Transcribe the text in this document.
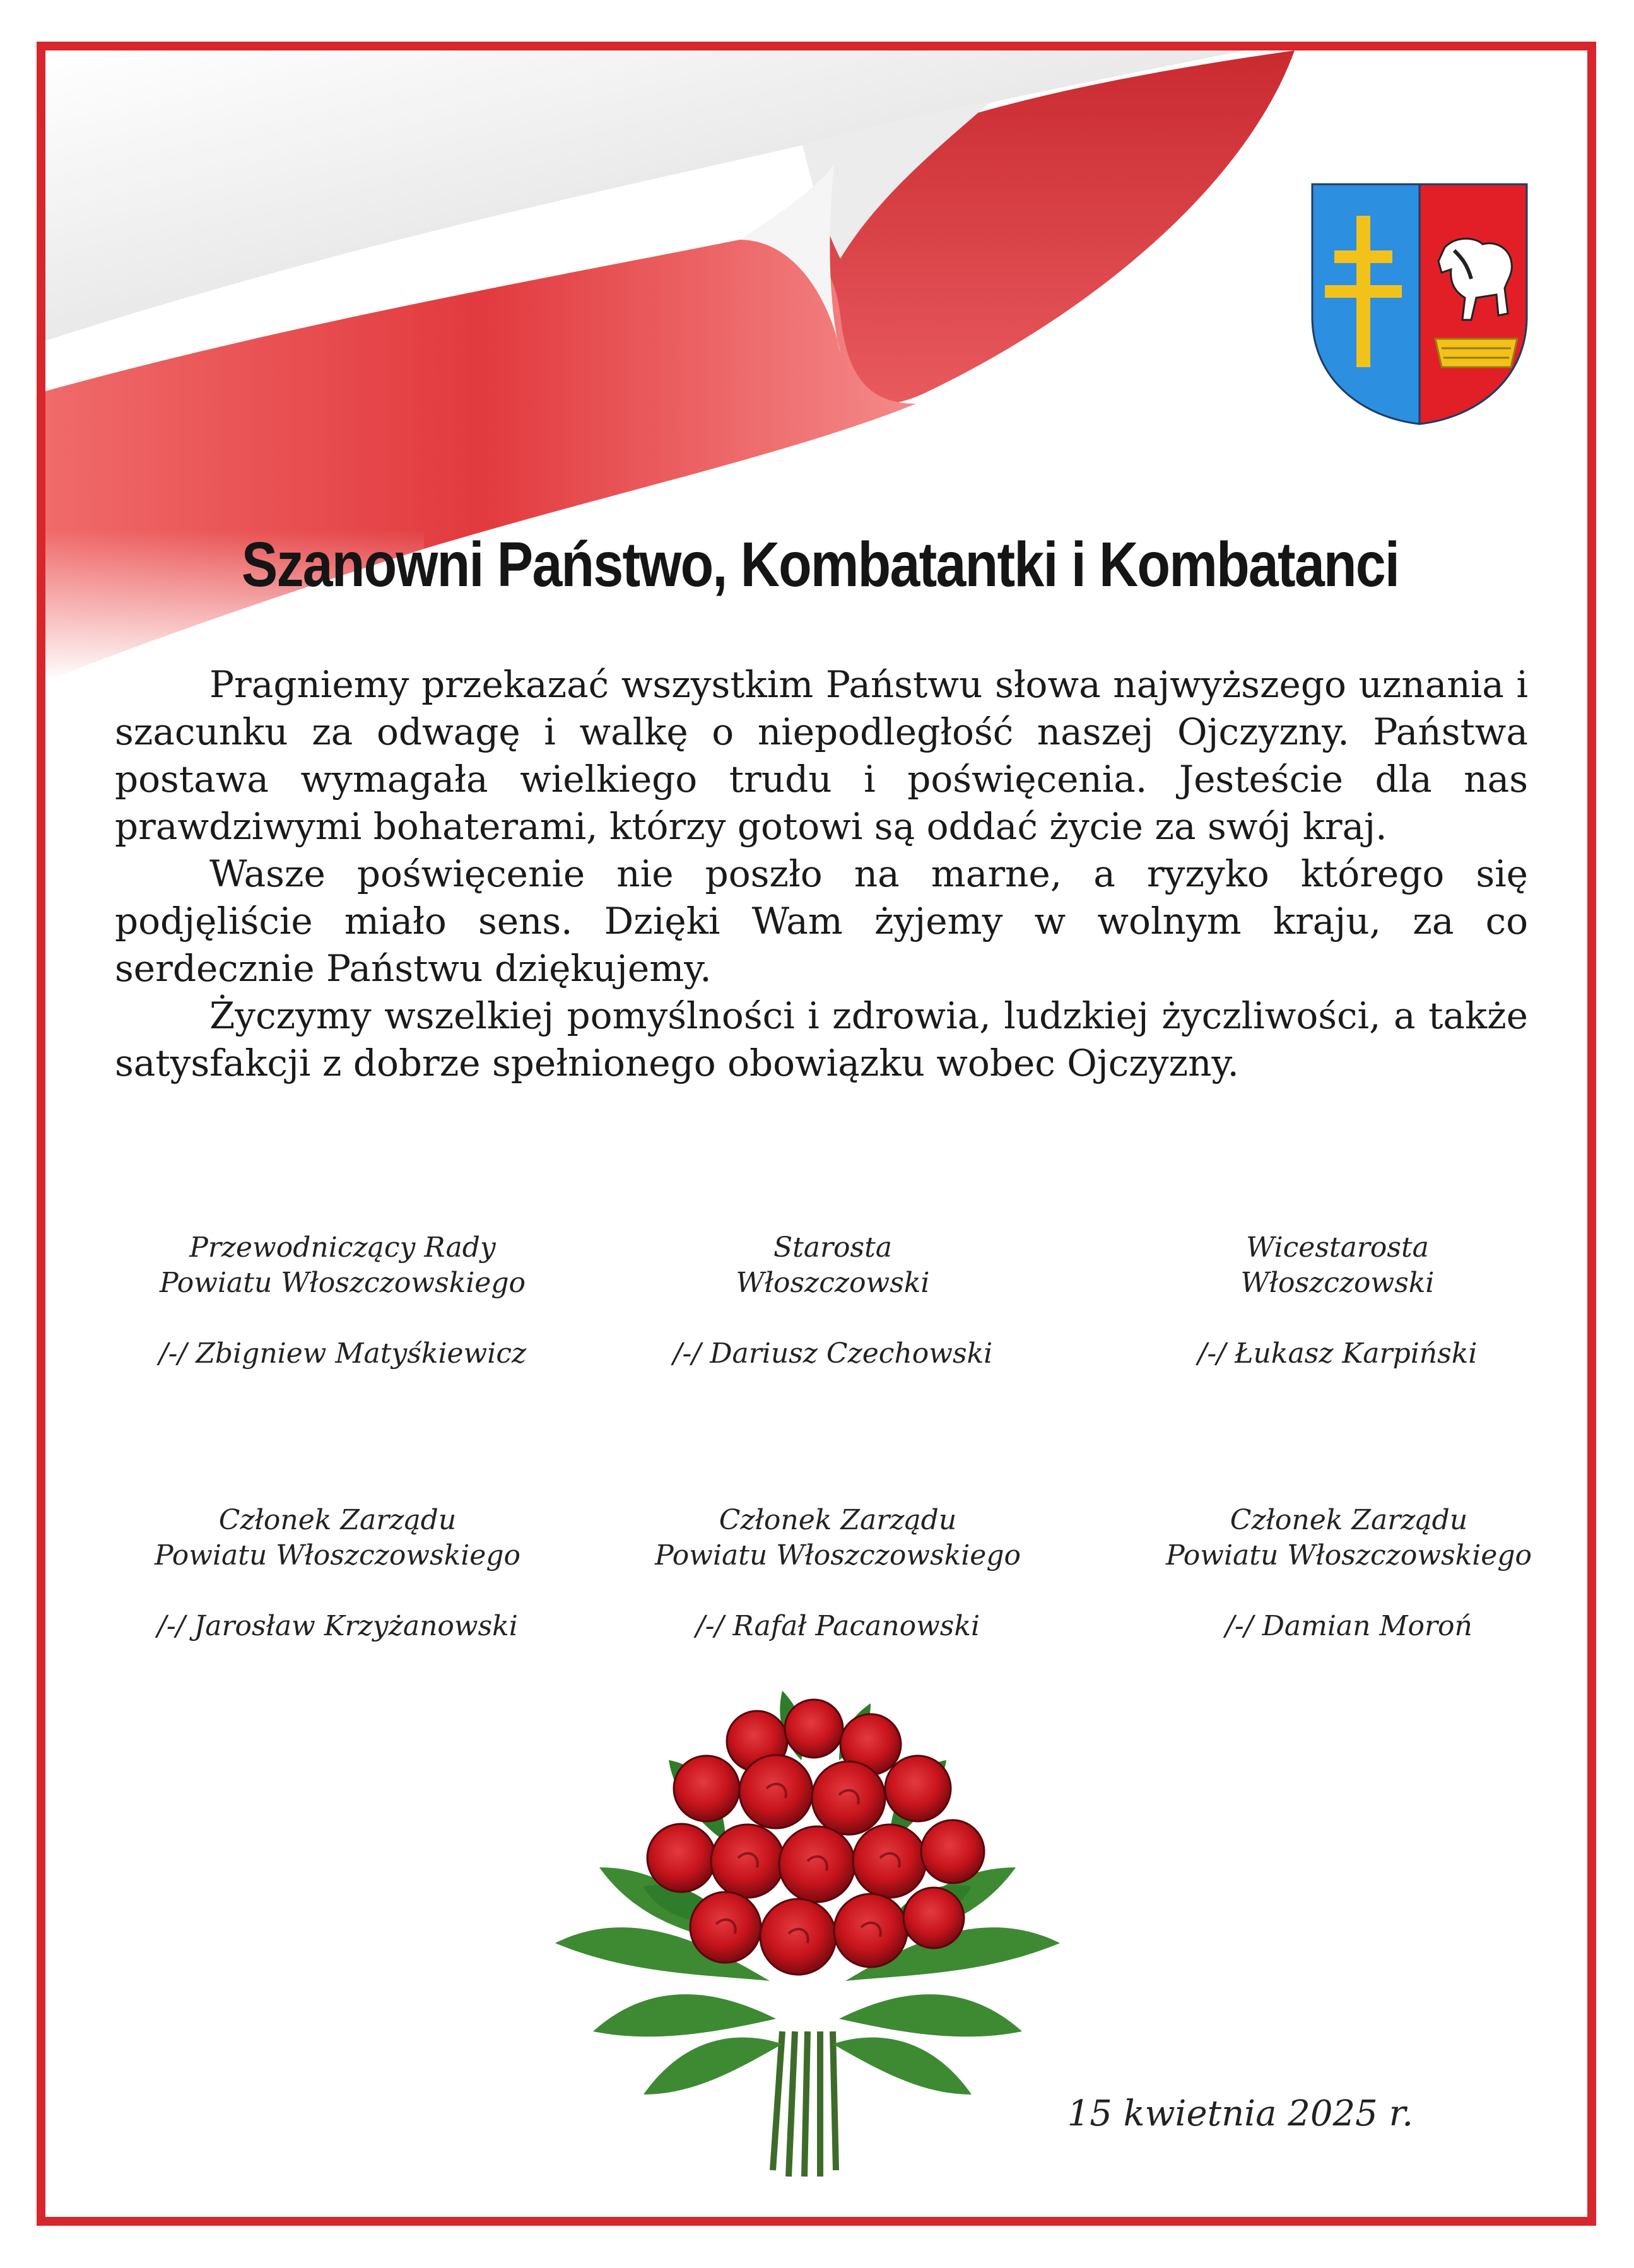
Szanowni Państwo, Kombatantki i Kombatanci

Pragniemy przekazać wszystkim Państwu słowa najwyższego uznania i szacunku za odwagę i walkę o niepodległość naszej Ojczyzny. Państwa postawa wymagała wielkiego trudu i poświęcenia. Jesteście dla nas prawdziwymi bohaterami, którzy gotowi są oddać życie za swój kraj.

Wasze poświęcenie nie poszło na marne, a ryzyko którego się podjęliście miało sens. Dzięki Wam żyjemy w wolnym kraju, za co serdecznie Państwu dziękujemy.

Życzymy wszelkiej pomyślności i zdrowia, ludzkiej życzliwości, a także satysfakcji z dobrze spełnionego obowiązku wobec Ojczyzny.

Przewodniczący Rady
Powiatu Włoszczowskiego
/-/ Zbigniew Matyśkiewicz
Starosta
Włoszczowski
/-/ Dariusz Czechowski
Wicestarosta
Włoszczowski
/-/ Łukasz Karpiński
Członek Zarządu
Powiatu Włoszczowskiego
/-/ Jarosław Krzyżanowski
Członek Zarządu
Powiatu Włoszczowskiego
/-/ Rafał Pacanowski
Członek Zarządu
Powiatu Włoszczowskiego
/-/ Damian Moroń
15 kwietnia 2025 r.
